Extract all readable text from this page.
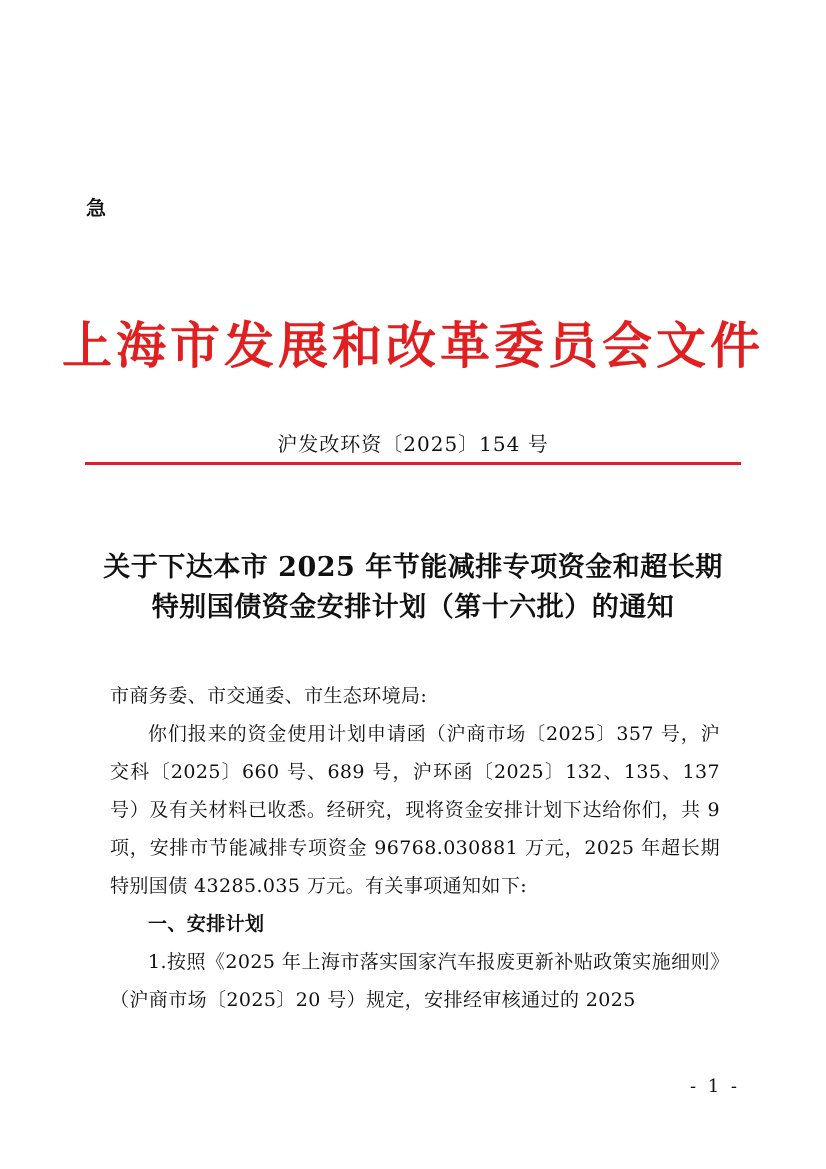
急
上海市发展和改革委员会文件
沪发改环资〔2025〕154 号
关于下达本市 2025 年节能减排专项资金和超长期
特别国债资金安排计划（第十六批）的通知

市商务委、市交通委、市生态环境局:

你们报来的资金使用计划申请函（沪商市场〔2025〕357 号，沪交科〔2025〕660 号、689 号，沪环函〔2025〕132、135、137 号）及有关材料已收悉。经研究，现将资金安排计划下达给你们，共 9 项，安排市节能减排专项资金 96768.030881 万元，2025 年超长期特别国债 43285.035 万元。有关事项通知如下:

一、安排计划

1.按照《2025 年上海市落实国家汽车报废更新补贴政策实施细则》（沪商市场〔2025〕20 号）规定，安排经审核通过的 2025

- 1 -
